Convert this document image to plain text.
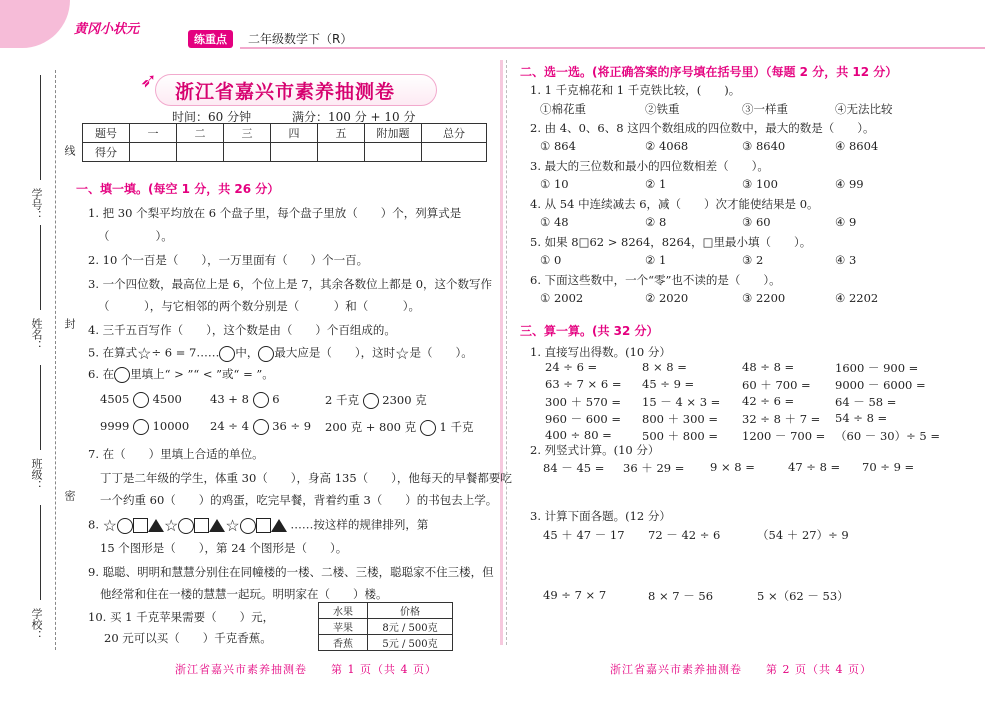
黄冈小状元
练重点	二年级数学下（R）
学号：
姓名：
班级：
学校：
线
封
密
➶ 浙江省嘉兴市素养抽测卷
时间：60 分钟	满分：100 分 + 10 分
题号	一	二	三	四	五	附加题	总分
得分							
一、填一填。(每空 1 分，共 26 分）
1. 把 30 个梨平均放在 6 个盘子里，每个盘子里放（　　）个，列算式是
（　　　　）。
2. 10 个一百是（　　），一万里面有（　　）个一百。
3. 一个四位数，最高位上是 6，个位上是 7，其余各数位上都是 0，这个数写作
（　　　），与它相邻的两个数分别是（　　　）和（　　　）。
4. 三千五百写作（　　），这个数是由（　　）个百组成的。
5. 在算式☆÷ 6 = 7…… 中， 最大应是（　　），这时☆是（　　）。
6. 在 里填上“ > ”“ < ”或“ = ”。
4505 4500 43 + 8 6	2 千克 2300 克
9999 10000 24 ÷ 4 36 ÷ 9 200 克 + 800 克 1 千克
7. 在（　　）里填上合适的单位。
丁丁是二年级的学生，体重 30（　　），身高 135（　　），他每天的早餐都要吃
一个约重 60（　　）的鸡蛋，吃完早餐，背着约重 3（　　）的书包去上学。
8. ☆	☆	☆	……按这样的规律排列，第
15 个图形是（　　），第 24 个图形是（　　）。
9. 聪聪、明明和慧慧分别住在同幢楼的一楼、二楼、三楼，聪聪家不住三楼，但
他经常和住在一楼的慧慧一起玩。明明家在（　　）楼。
10. 买 1 千克苹果需要（　　）元，
20 元可以买（　　）千克香蕉。
水果	价格
苹果	8元 / 500克
香蕉	5元 / 500克
二、选一选。(将正确答案的序号填在括号里）（每题 2 分，共 12 分）
1. 1 千克棉花和 1 千克铁比较，(　　)。
①棉花重	②铁重	③一样重	④无法比较
2. 由 4、0、6、8 这四个数组成的四位数中，最大的数是（　　）。
① 864	② 4068	③ 8640	④ 8604
3. 最大的三位数和最小的四位数相差（　　）。
① 10	② 1	③ 100	④ 99
4. 从 54 中连续减去 6，减（　　）次才能使结果是 0。
① 48	② 8	③ 60	④ 9
5. 如果 8□62 > 8264，8264，□里最小填（　　）。
① 0	② 1	③ 2	④ 3
6. 下面这些数中，一个“零”也不读的是（　　）。
① 2002	② 2020	③ 2200	④ 2202
三、算一算。(共 32 分）
1. 直接写出得数。(10 分）
24 ÷ 6 =	8 × 8 =	48 ÷ 8 =	1600 － 900 =
63 ÷ 7 × 6 = 45 ÷ 9 =	60 ＋ 700 = 9000 － 6000 =
300 ＋ 570 = 15 － 4 × 3 = 42 ÷ 6 =	64 － 58 =
960 － 600 = 800 ＋ 300 = 32 ÷ 8 ＋ 7 = 54 ÷ 8 =
400 ÷ 80 =	500 ＋ 800 = 1200 － 700 = （60 － 30）÷ 5 =
2. 列竖式计算。(10 分）
84 － 45 = 36 ＋ 29 = 9 × 8 =	47 ÷ 8 = 70 ÷ 9 =
3. 计算下面各题。(12 分）
45 ＋ 47 － 17 72 － 42 ÷ 6	（54 ＋ 27）÷ 9
49 ÷ 7 × 7	8 × 7 － 56	5 ×（62 － 53）
浙江省嘉兴市素养抽测卷　　第 1 页（共 4 页）	浙江省嘉兴市素养抽测卷　　第 2 页（共 4 页）
